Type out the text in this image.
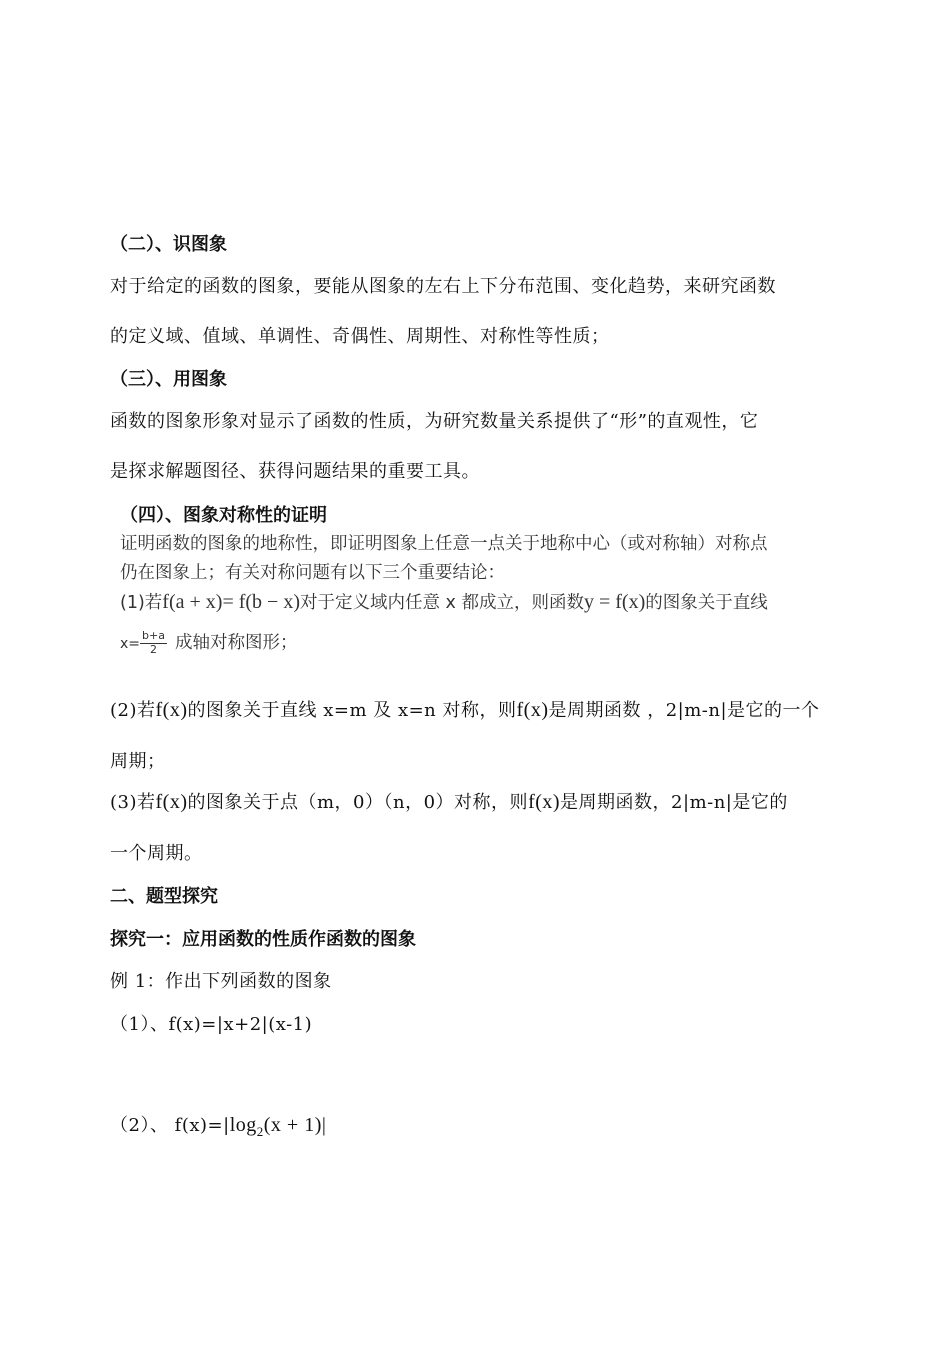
（二）、识图象
对于给定的函数的图象，要能从图象的左右上下分布范围、变化趋势，来研究函数
的定义域、值域、单调性、奇偶性、周期性、对称性等性质；
（三）、用图象
函数的图象形象对显示了函数的性质，为研究数量关系提供了“形”的直观性，它
是探求解题图径、获得问题结果的重要工具。
（四）、图象对称性的证明
证明函数的图象的地称性，即证明图象上任意一点关于地称中心（或对称轴）对称点
仍在图象上；有关对称问题有以下三个重要结论：
(1)若f(a + x)= f(b − x)对于定义域内任意 x 都成立，则函数y = f(x)的图象关于直线
$x= \frac{b+a}{2}$ 成轴对称图形；
(2)若f(x)的图象关于直线 x=m 及 x=n 对称，则f(x)是周期函数 ，2|m-n|是它的一个
周期；
(3)若f(x)的图象关于点（m，0）（n，0）对称，则f(x)是周期函数，2|m-n|是它的
一个周期。
二、题型探究
探究一：应用函数的性质作函数的图象
例 1：作出下列函数的图象
（1）、f(x)=|x+2|(x-1)
（2）、 $f(x)=|\log_2(x + 1)|$
